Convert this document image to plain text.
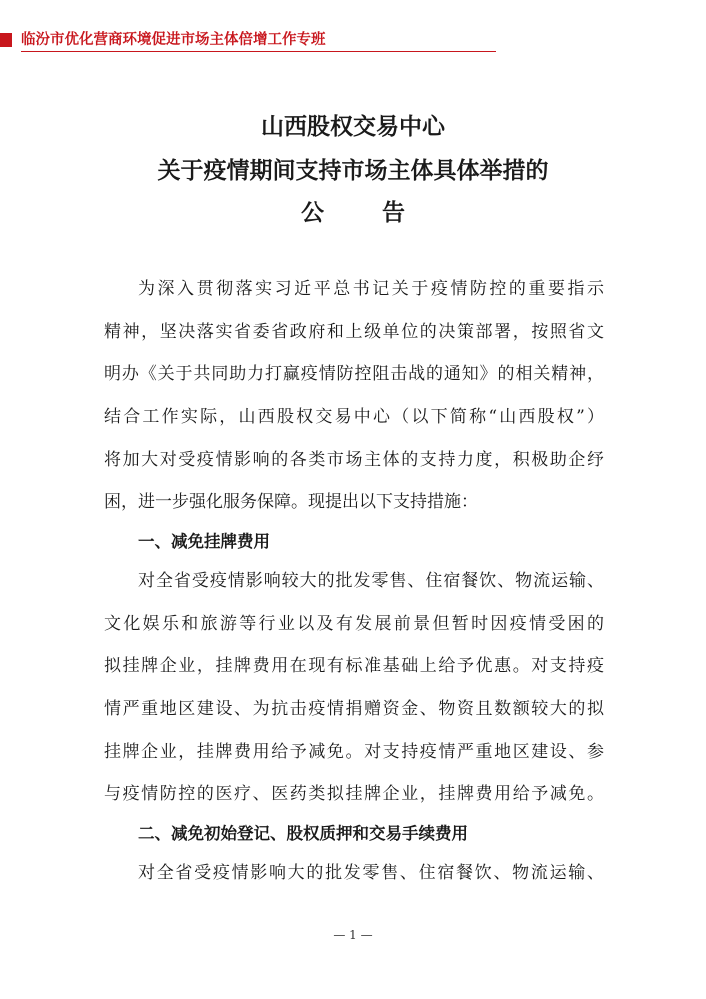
临汾市优化营商环境促进市场主体倍增工作专班
山西股权交易中心
关于疫情期间支持市场主体具体举措的
公	告
为深入贯彻落实习近平总书记关于疫情防控的重要指示
精神，坚决落实省委省政府和上级单位的决策部署，按照省文
明办《关于共同助力打赢疫情防控阻击战的通知》的相关精神，
结合工作实际，山西股权交易中心（以下简称“山西股权”）
将加大对受疫情影响的各类市场主体的支持力度，积极助企纾
困，进一步强化服务保障。现提出以下支持措施：
一、减免挂牌费用
对全省受疫情影响较大的批发零售、住宿餐饮、物流运输、
文化娱乐和旅游等行业以及有发展前景但暂时因疫情受困的
拟挂牌企业，挂牌费用在现有标准基础上给予优惠。对支持疫
情严重地区建设、为抗击疫情捐赠资金、物资且数额较大的拟
挂牌企业，挂牌费用给予减免。对支持疫情严重地区建设、参
与疫情防控的医疗、医药类拟挂牌企业，挂牌费用给予减免。
二、减免初始登记、股权质押和交易手续费用
对全省受疫情影响大的批发零售、住宿餐饮、物流运输、
— 1 —
